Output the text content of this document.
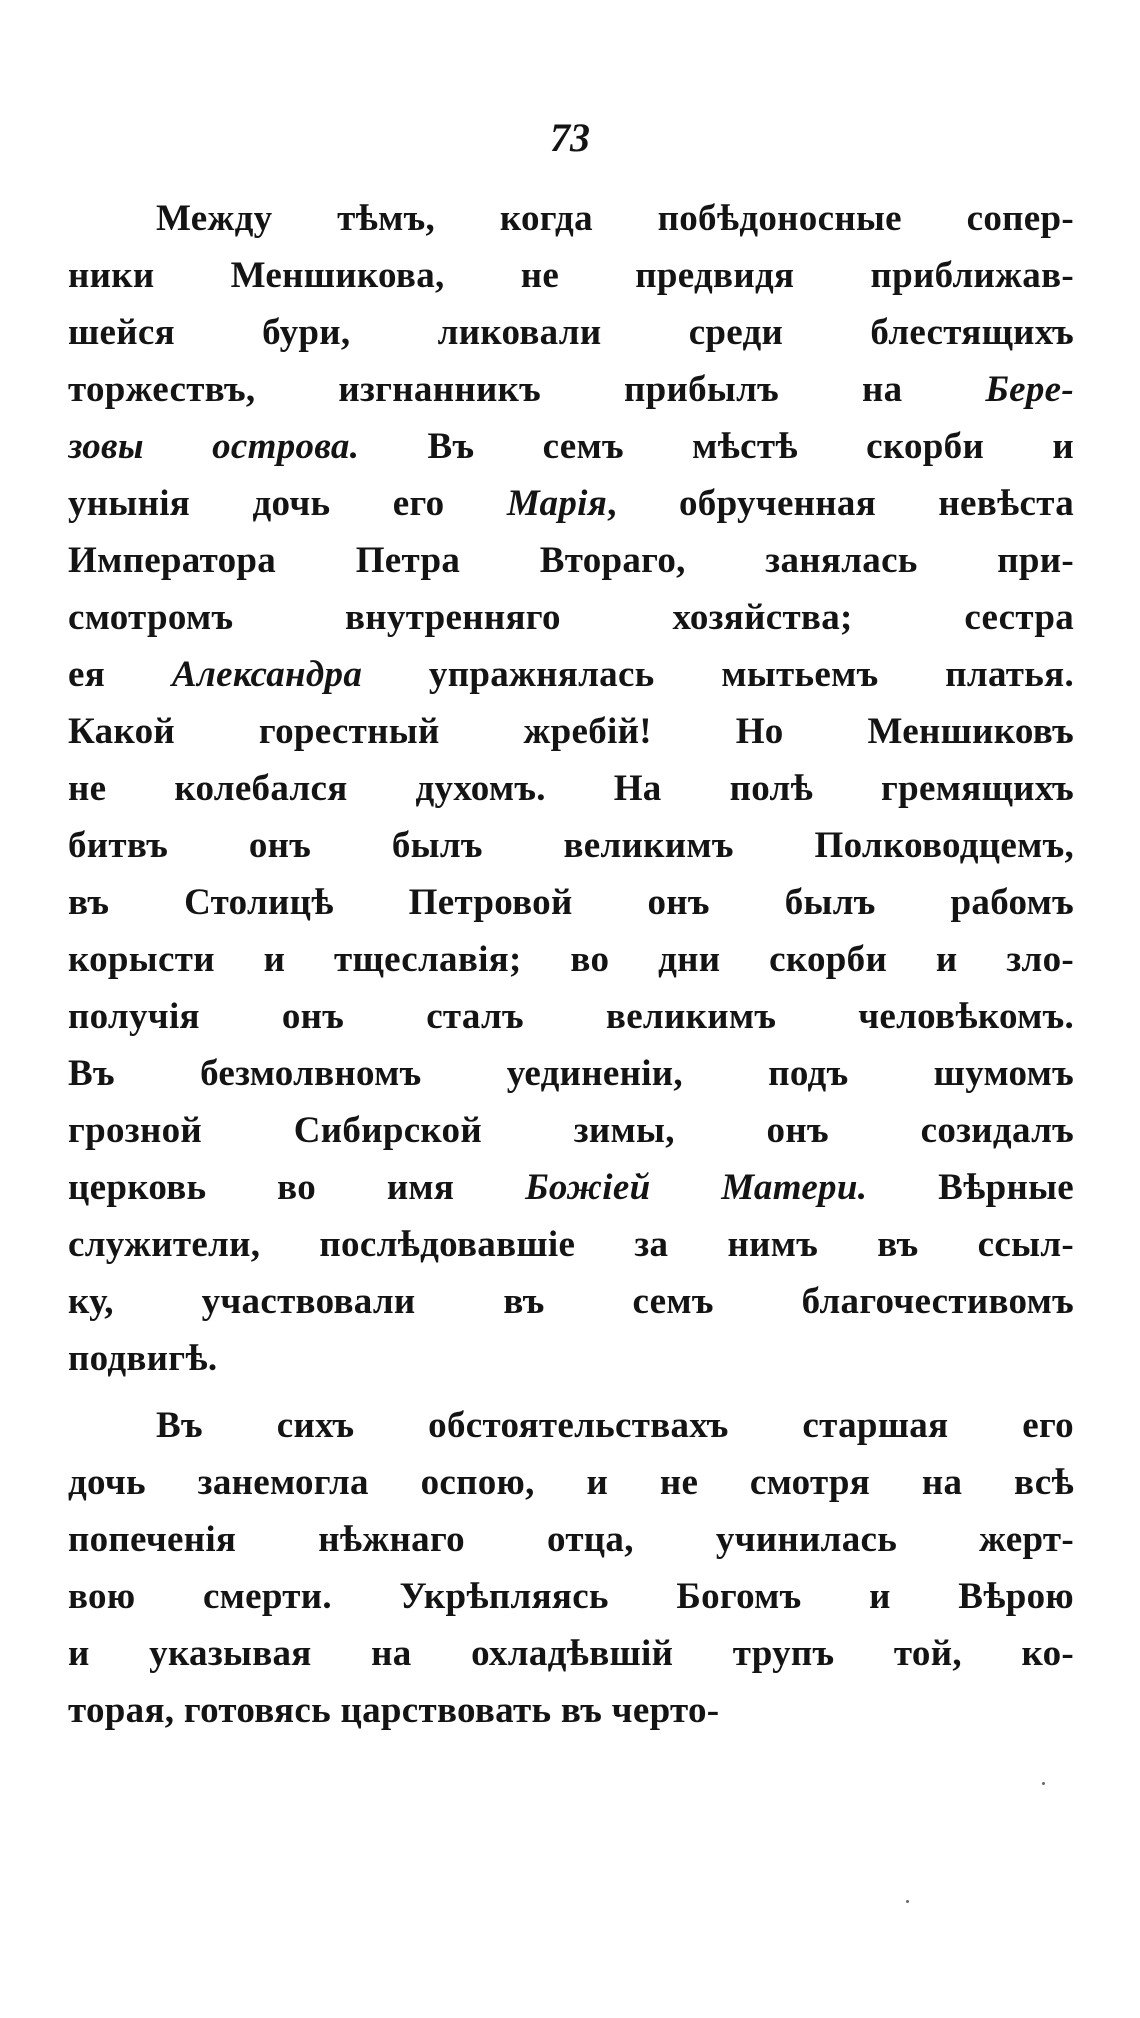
73
Между тѣмъ, когда побѣдоносные сопер-
ники Меншикова, не предвидя приближав-
шейся бури, ликовали среди блестящихъ
торжествъ, изгнанникъ прибылъ на Бере-
зовы острова. Въ семъ мѣстѣ скорби и
унынія дочь его Марія, обрученная невѣста
Императора Петра Втораго, занялась при-
смотромъ внутренняго хозяйства; сестра
ея Александра упражнялась мытьемъ платья.
Какой горестный жребій! Но Меншиковъ
не колебался духомъ. На полѣ гремящихъ
битвъ онъ былъ великимъ Полководцемъ,
въ Столицѣ Петровой онъ былъ рабомъ
корысти и тщеславія; во дни скорби и зло-
получія онъ сталъ великимъ человѣкомъ.
Въ безмолвномъ уединеніи, подъ шумомъ
грозной Сибирской зимы, онъ созидалъ
церковь во имя Божіей Матери. Вѣрные
служители, послѣдовавшіе за нимъ въ ссыл-
ку, участвовали въ семъ благочестивомъ
подвигѣ.
Въ сихъ обстоятельствахъ старшая его
дочь занемогла оспою, и не смотря на всѣ
попеченія нѣжнаго отца, учинилась жерт-
вою смерти. Укрѣпляясь Богомъ и Вѣрою
и указывая на охладѣвшій трупъ той, ко-
торая, готовясь царствовать въ черто-
